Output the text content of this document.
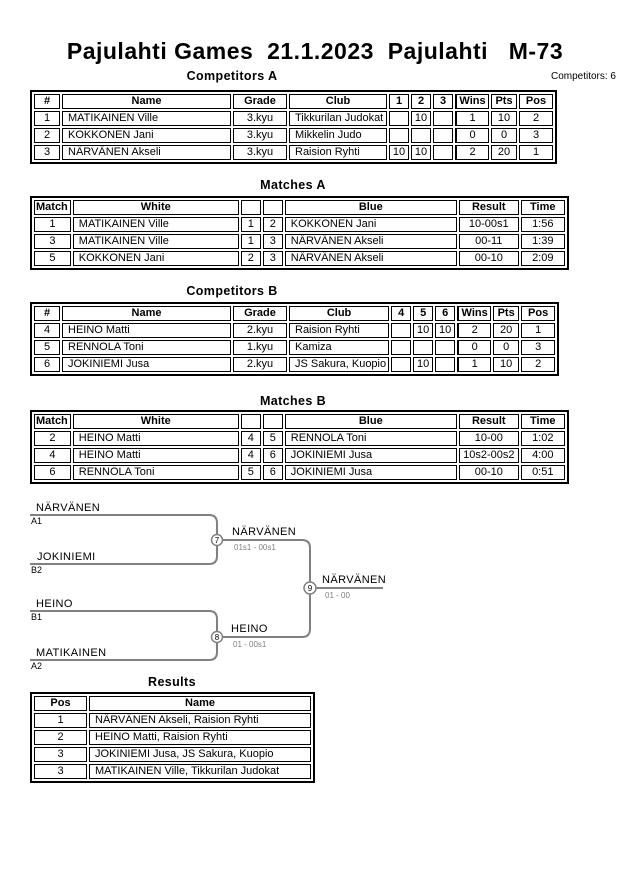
Pajulahti Games  21.1.2023  Pajulahti   M-73
Competitors A	Competitors: 6
#	Name	Grade	Club	1	2	3	Wins	Pts	Pos
1	MATIKAINEN Ville	3.kyu	Tikkurilan Judokat		10		1	10	2
2	KOKKONEN Jani	3.kyu	Mikkelin Judo				0	0	3
3	NÄRVÄNEN Akseli	3.kyu	Raision Ryhti	10	10		2	20	1
Matches A
Match	White			Blue	Result	Time
1	MATIKAINEN Ville	1	2	KOKKONEN Jani	10-00s1	1:56
3	MATIKAINEN Ville	1	3	NÄRVÄNEN Akseli	00-11	1:39
5	KOKKONEN Jani	2	3	NÄRVÄNEN Akseli	00-10	2:09
Competitors B
#	Name	Grade	Club	4	5	6	Wins	Pts	Pos
4	HEINO Matti	2.kyu	Raision Ryhti		10	10	2	20	1
5	RENNOLA Toni	1.kyu	Kamiza				0	0	3
6	JOKINIEMI Jusa	2.kyu	JS Sakura, Kuopio		10		1	10	2
Matches B
Match	White			Blue	Result	Time
2	HEINO Matti	4	5	RENNOLA Toni	10-00	1:02
4	HEINO Matti	4	6	JOKINIEMI Jusa	10s2-00s2	4:00
6	RENNOLA Toni	5	6	JOKINIEMI Jusa	00-10	0:51
7
9
8
NÄRVÄNEN
A1
JOKINIEMI
B2
NÄRVÄNEN
01s1 - 00s1
NÄRVÄNEN
01 - 00
HEINO
B1
MATIKAINEN
A2
HEINO
01 - 00s1
Results
Pos	Name
1	NÄRVÄNEN Akseli, Raision Ryhti
2	HEINO Matti, Raision Ryhti
3	JOKINIEMI Jusa, JS Sakura, Kuopio
3	MATIKAINEN Ville, Tikkurilan Judokat
